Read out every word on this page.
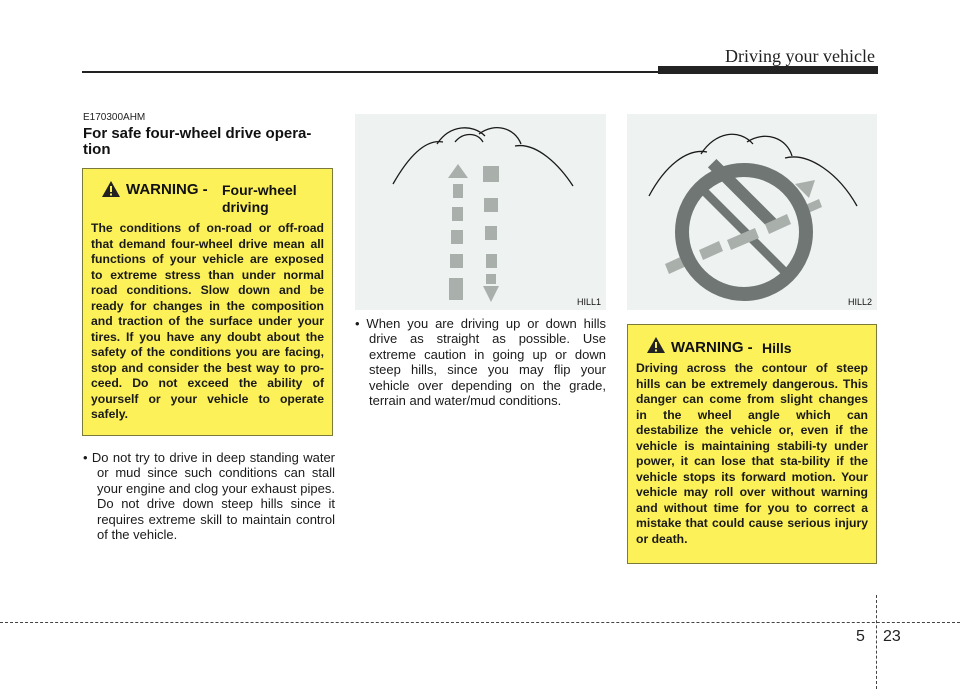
Driving your vehicle
E170300AHM
For safe four-wheel drive opera- tion
WARNING - Four-wheel driving
The conditions of on-road or off-road that demand four-wheel drive mean all functions of your vehicle are exposed to extreme stress than under normal road conditions. Slow down and be ready for changes in the composition and traction of the surface under your tires. If you have any doubt about the safety of the conditions you are facing, stop and consider the best way to pro-ceed. Do not exceed the ability of yourself or your vehicle to operate safely.
• Do not try to drive in deep standing water or mud since such conditions can stall your engine and clog your exhaust pipes. Do not drive down steep hills since it requires extreme skill to maintain control of the vehicle.
HILL1
• When you are driving up or down hills drive as straight as possible. Use extreme caution in going up or down steep hills, since you may flip your vehicle over depending on the grade, terrain and water/mud conditions.
HILL2
WARNING - Hills
Driving across the contour of steep hills can be extremely dangerous. This danger can come from slight changes in the wheel angle which can destabilize the vehicle or, even if the vehicle is maintaining stabili-ty under power, it can lose that sta-bility if the vehicle stops its forward motion. Your vehicle may roll over without warning and without time for you to correct a mistake that could cause serious injury or death.
5 23
